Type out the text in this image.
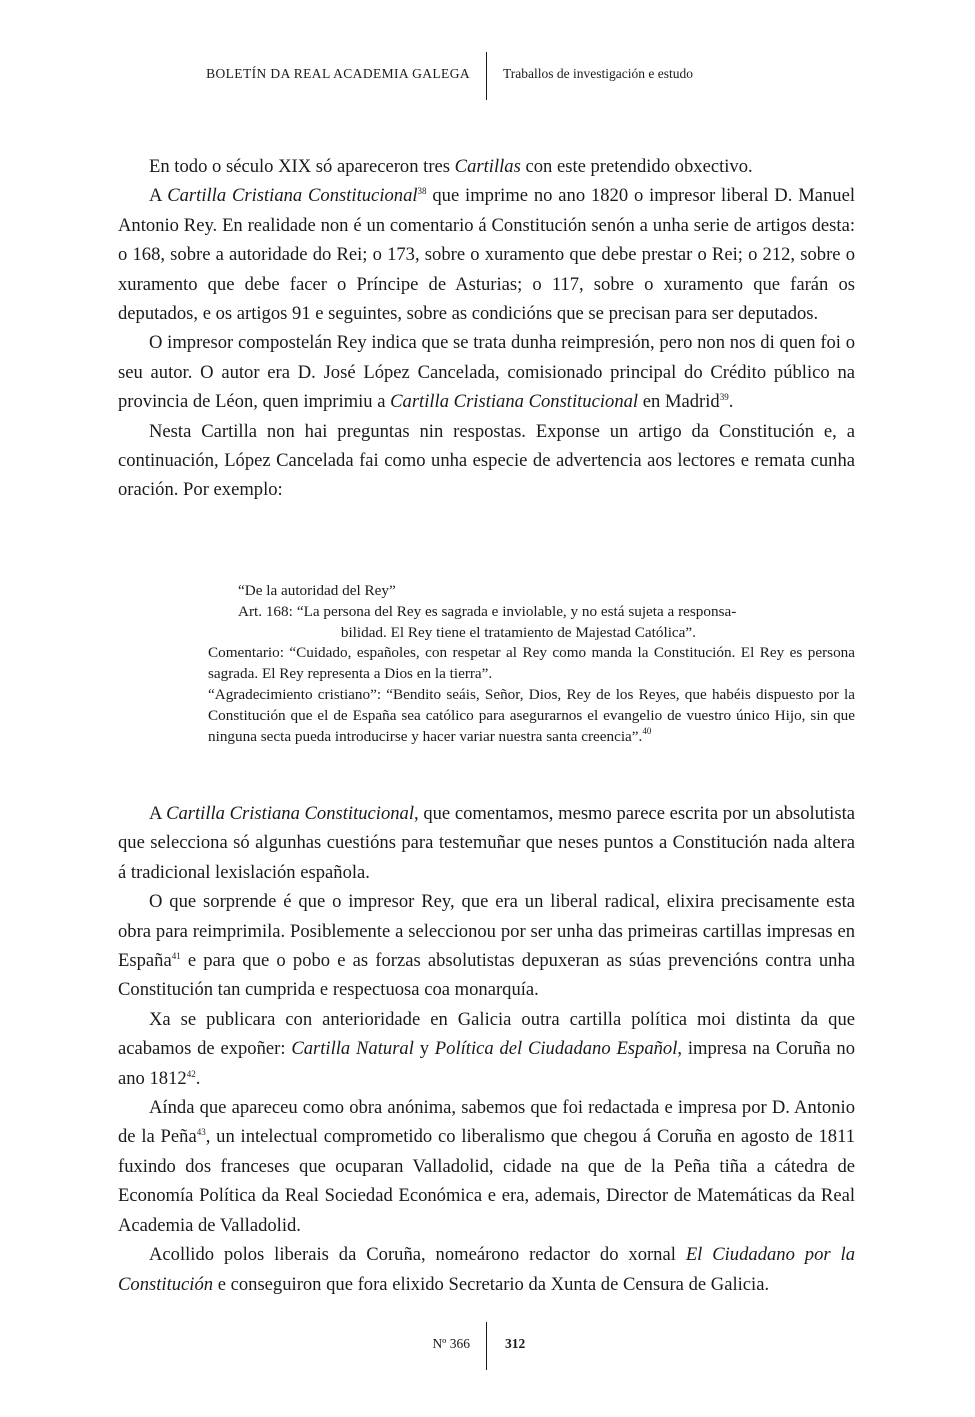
BOLETÍN DA REAL ACADEMIA GALEGA Traballos de investigación e estudo

En todo o século XIX só apareceron tres Cartillas con este pretendido obxectivo.

A Cartilla Cristiana Constitucional$^{38}$ que imprime no ano 1820 o impresor liberal D. Manuel Antonio Rey. En realidade non é un comentario á Constitución senón a unha serie de artigos desta: o 168, sobre a autoridade do Rei; o 173, sobre o xuramento que debe prestar o Rei; o 212, sobre o xuramento que debe facer o Príncipe de Asturias; o 117, sobre o xuramento que farán os deputados, e os artigos 91 e seguintes, sobre as condicións que se precisan para ser deputados.

O impresor compostelán Rey indica que se trata dunha reimpresión, pero non nos di quen foi o seu autor. O autor era D. José López Cancelada, comisionado principal do Crédito público na provincia de Léon, quen imprimiu a Cartilla Cristiana Constitucional en Madrid$^{39}$.

Nesta Cartilla non hai preguntas nin respostas. Exponse un artigo da Constitución e, a continuación, López Cancelada fai como unha especie de advertencia aos lectores e remata cunha oración. Por exemplo:

“De la autoridad del Rey”

Art. 168: “La persona del Rey es sagrada e inviolable, y no está sujeta a responsa-
bilidad. El Rey tiene el tratamiento de Majestad Católica”.

Comentario: “Cuidado, españoles, con respetar al Rey como manda la Constitución. El Rey es persona sagrada. El Rey representa a Dios en la tierra”.

“Agradecimiento cristiano”: “Bendito seáis, Señor, Dios, Rey de los Reyes, que habéis dispuesto por la Constitución que el de España sea católico para asegurarnos el evangelio de vuestro único Hijo, sin que ninguna secta pueda introducirse y hacer variar nuestra santa creencia”.$^{40}$

A Cartilla Cristiana Constitucional, que comentamos, mesmo parece escrita por un absolutista que selecciona só algunhas cuestións para testemuñar que neses puntos a Constitución nada altera á tradicional lexislación española.

O que sorprende é que o impresor Rey, que era un liberal radical, elixira precisamente esta obra para reimprimila. Posiblemente a seleccionou por ser unha das primeiras cartillas impresas en España$^{41}$ e para que o pobo e as forzas absolutistas depuxeran as súas prevencións contra unha Constitución tan cumprida e respectuosa coa monarquía.

Xa se publicara con anterioridade en Galicia outra cartilla política moi distinta da que acabamos de expoñer: Cartilla Natural y Política del Ciudadano Español, impresa na Coruña no ano 1812$^{42}$.

Aínda que apareceu como obra anónima, sabemos que foi redactada e impresa por D. Antonio de la Peña$^{43}$, un intelectual comprometido co liberalismo que chegou á Coruña en agosto de 1811 fuxindo dos franceses que ocuparan Valladolid, cidade na que de la Peña tiña a cátedra de Economía Política da Real Sociedad Económica e era, ademais, Director de Matemáticas da Real Academia de Valladolid.

Acollido polos liberais da Coruña, nomeárono redactor do xornal El Ciudadano por la Constitución e conseguiron que fora elixido Secretario da Xunta de Censura de Galicia.

Nº 366	312
